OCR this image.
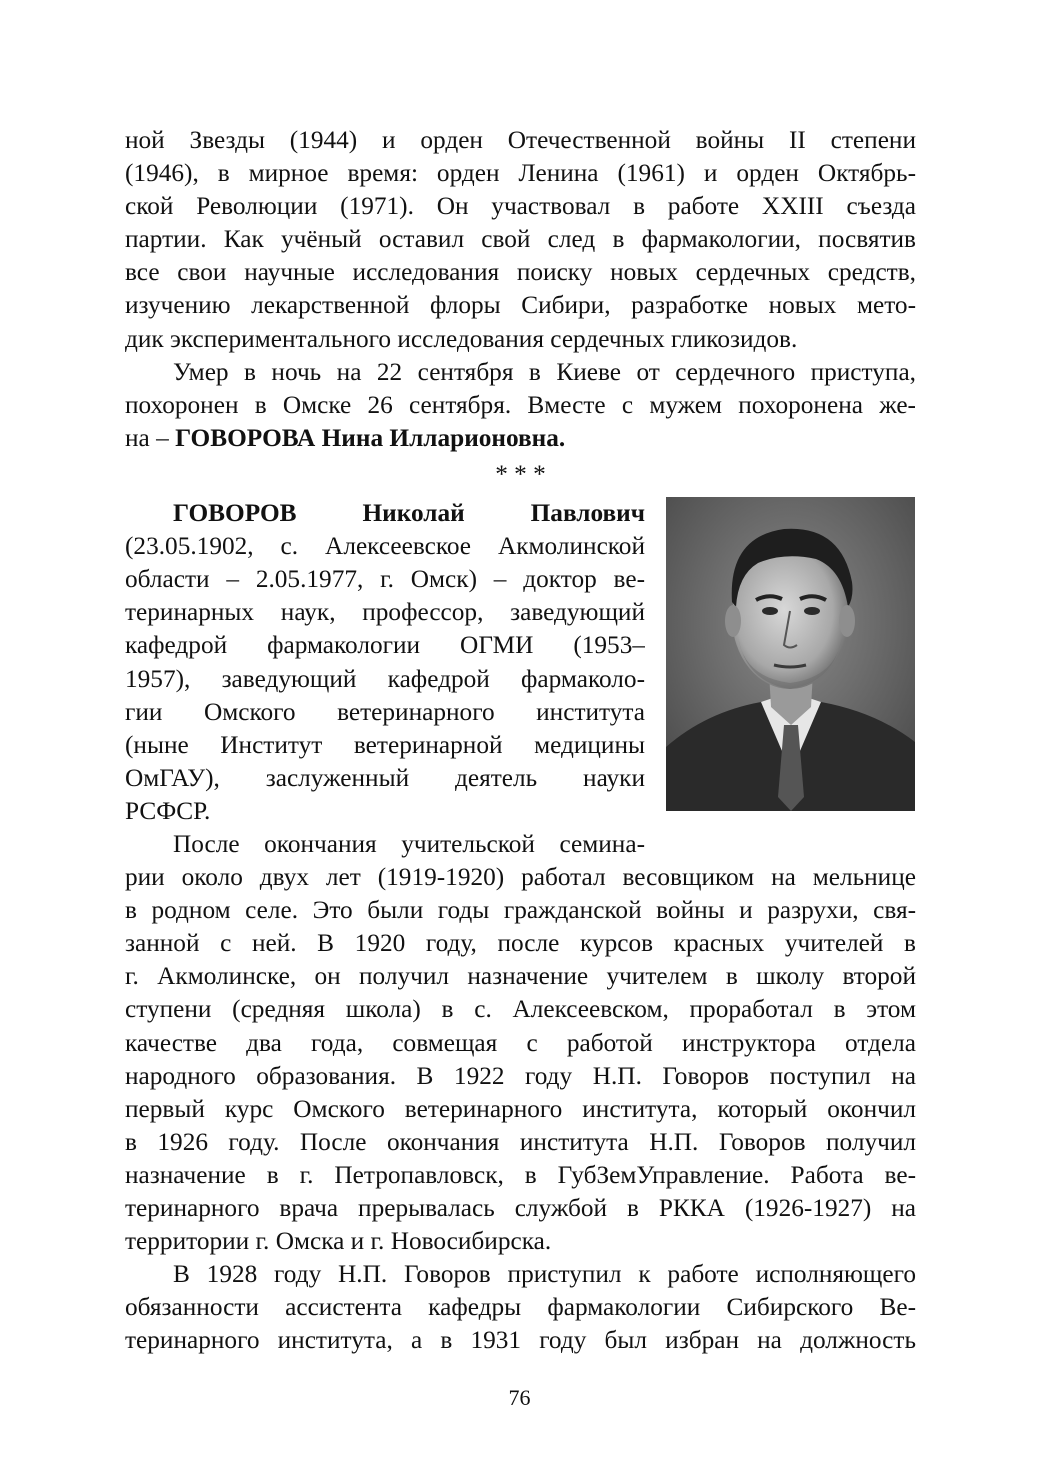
ной Звезды (1944) и орден Отечественной войны II степени
(1946), в мирное время: орден Ленина (1961) и орден Октябрь-
ской Революции (1971). Он участвовал в работе XXIII съезда
партии. Как учёный оставил свой след в фармакологии, посвятив
все свои научные исследования поиску новых сердечных средств,
изучению лекарственной флоры Сибири, разработке новых мето-
дик экспериментального исследования сердечных гликозидов.
Умер в ночь на 22 сентября в Киеве от сердечного приступа,
похоронен в Омске 26 сентября. Вместе с мужем похоронена же-
на – ГОВОРОВА Нина Илларионовна.
* * *
ГОВОРОВ	Николай	Павлович
(23.05.1902, с. Алексеевское Акмолинской
области – 2.05.1977, г. Омск) – доктор ве-
теринарных наук, профессор, заведующий
кафедрой фармакологии ОГМИ (1953–
1957), заведующий кафедрой фармаколо-
гии Омского ветеринарного института
(ныне Институт ветеринарной медицины
ОмГАУ), заслуженный деятель науки
РСФСР.
После окончания учительской семина-
рии около двух лет (1919-1920) работал весовщиком на мельнице
в родном селе. Это были годы гражданской войны и разрухи, свя-
занной с ней. В 1920 году, после курсов красных учителей в
г. Акмолинске, он получил назначение учителем в школу второй
ступени (средняя школа) в с. Алексеевском, проработал в этом
качестве два года, совмещая с работой инструктора отдела
народного образования. В 1922 году Н.П. Говоров поступил на
первый курс Омского ветеринарного института, который окончил
в 1926 году. После окончания института Н.П. Говоров получил
назначение в г. Петропавловск, в ГубЗемУправление. Работа ве-
теринарного врача прерывалась службой в РККА (1926-1927) на
территории г. Омска и г. Новосибирска.
В 1928 году Н.П. Говоров приступил к работе исполняющего
обязанности ассистента кафедры фармакологии Сибирского Ве-
теринарного института, а в 1931 году был избран на должность
76
